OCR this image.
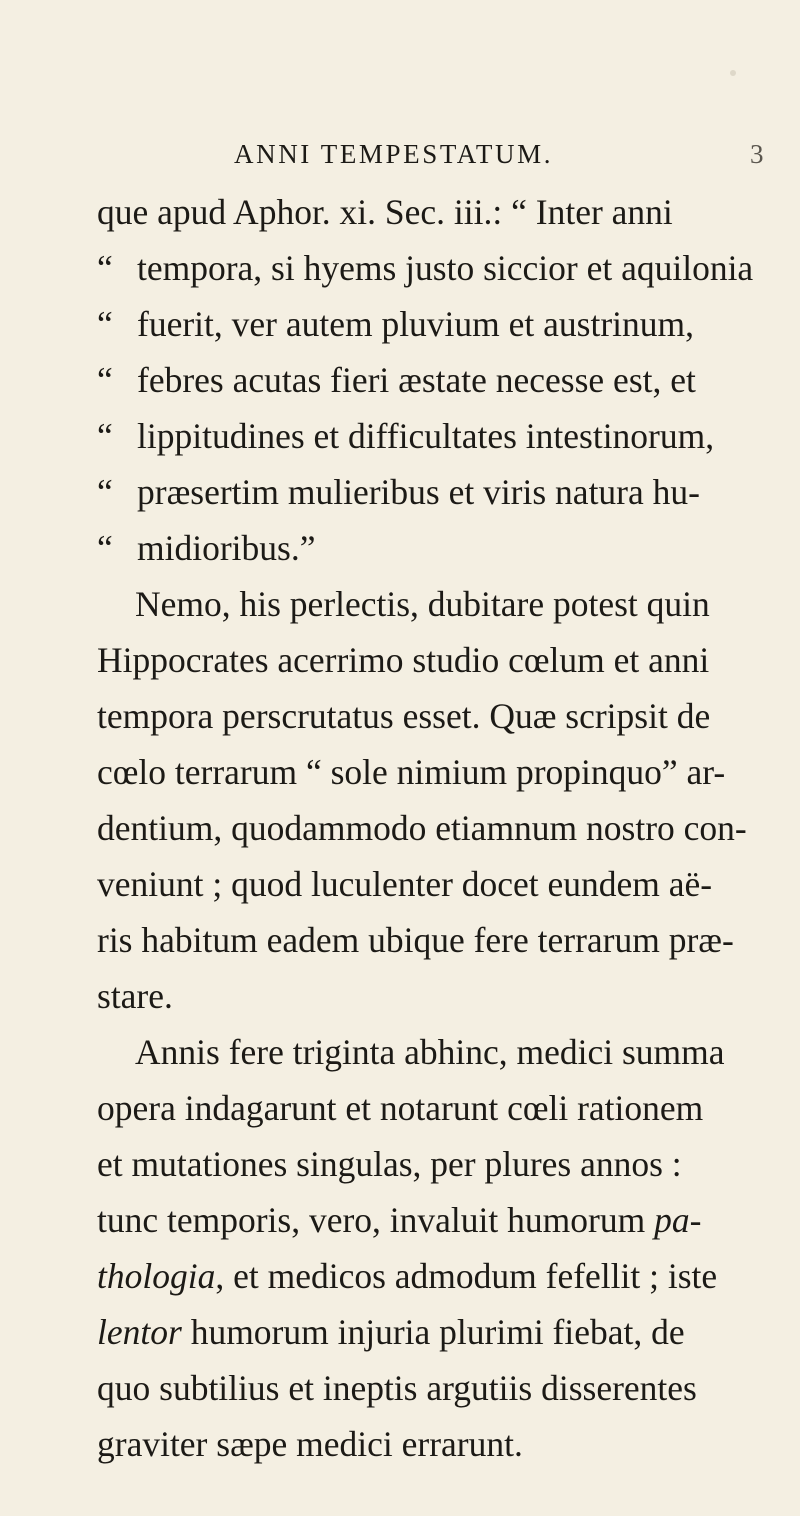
ANNI TEMPESTATUM.	3
que apud Aphor. xi. Sec. iii.: “ Inter anni
“ tempora, si hyems justo siccior et aquilonia
“ fuerit, ver autem pluvium et austrinum,
“ febres acutas fieri æstate necesse est, et
“ lippitudines et difficultates intestinorum,
“ præsertim mulieribus et viris natura hu-
“ midioribus.”
Nemo, his perlectis, dubitare potest quin
Hippocrates acerrimo studio cœlum et anni
tempora perscrutatus esset. Quæ scripsit de
cœlo terrarum “ sole nimium propinquo” ar-
dentium, quodammodo etiamnum nostro con-
veniunt ; quod luculenter docet eundem aë-
ris habitum eadem ubique fere terrarum præ-
stare.
Annis fere triginta abhinc, medici summa
opera indagarunt et notarunt cœli rationem
et mutationes singulas, per plures annos :
tunc temporis, vero, invaluit humorum pa-
thologia, et medicos admodum fefellit ; iste
lentor humorum injuria plurimi fiebat, de
quo subtilius et ineptis argutiis disserentes
graviter sæpe medici errarunt.
